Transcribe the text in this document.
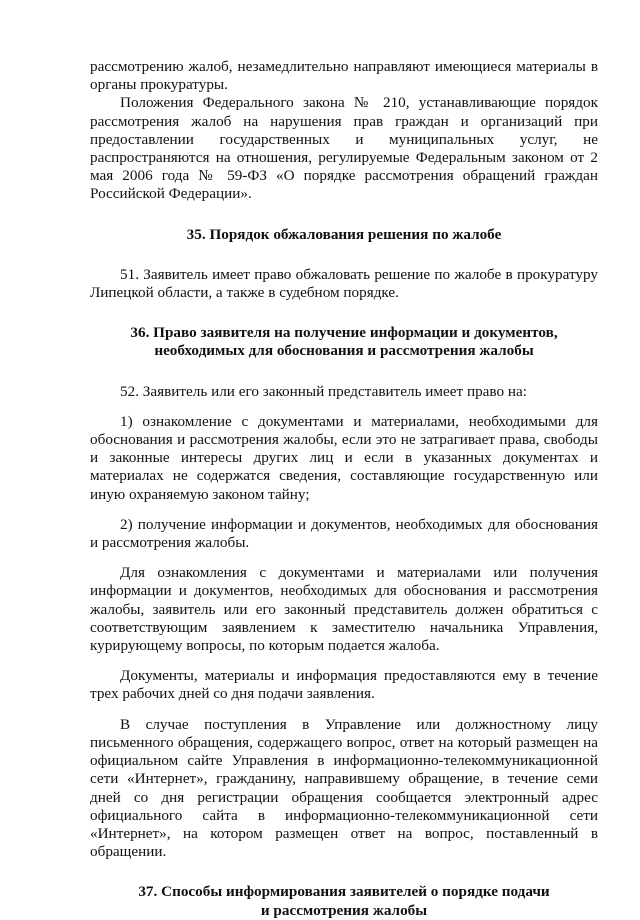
рассмотрению жалоб, незамедлительно направляют имеющиеся материалы в органы прокуратуры.

Положения Федерального закона № 210, устанавливающие порядок рассмотрения жалоб на нарушения прав граждан и организаций при предоставлении государственных и муниципальных услуг, не распространяются на отношения, регулируемые Федеральным законом от 2 мая 2006 года № 59-ФЗ «О порядке рассмотрения обращений граждан Российской Федерации».

35. Порядок обжалования решения по жалобе

51. Заявитель имеет право обжаловать решение по жалобе в прокуратуру Липецкой области, а также в судебном порядке.

36. Право заявителя на получение информации и документов,
необходимых для обоснования и рассмотрения жалобы

52. Заявитель или его законный представитель имеет право на:

1) ознакомление с документами и материалами, необходимыми для обоснования и рассмотрения жалобы, если это не затрагивает права, свободы и законные интересы других лиц и если в указанных документах и материалах не содержатся сведения, составляющие государственную или иную охраняемую законом тайну;

2) получение информации и документов, необходимых для обоснования и рассмотрения жалобы.

Для ознакомления с документами и материалами или получения информации и документов, необходимых для обоснования и рассмотрения жалобы, заявитель или его законный представитель должен обратиться с соответствующим заявлением к заместителю начальника Управления, курирующему вопросы, по которым подается жалоба.

Документы, материалы и информация предоставляются ему в течение трех рабочих дней со дня подачи заявления.

В случае поступления в Управление или должностному лицу письменного обращения, содержащего вопрос, ответ на который размещен на официальном сайте Управления в информационно-телекоммуникационной сети «Интернет», гражданину, направившему обращение, в течение семи дней со дня регистрации обращения сообщается электронный адрес официального сайта в информационно-телекоммуникационной сети «Интернет», на котором размещен ответ на вопрос, поставленный в обращении.

37. Способы информирования заявителей о порядке подачи
и рассмотрения жалобы
